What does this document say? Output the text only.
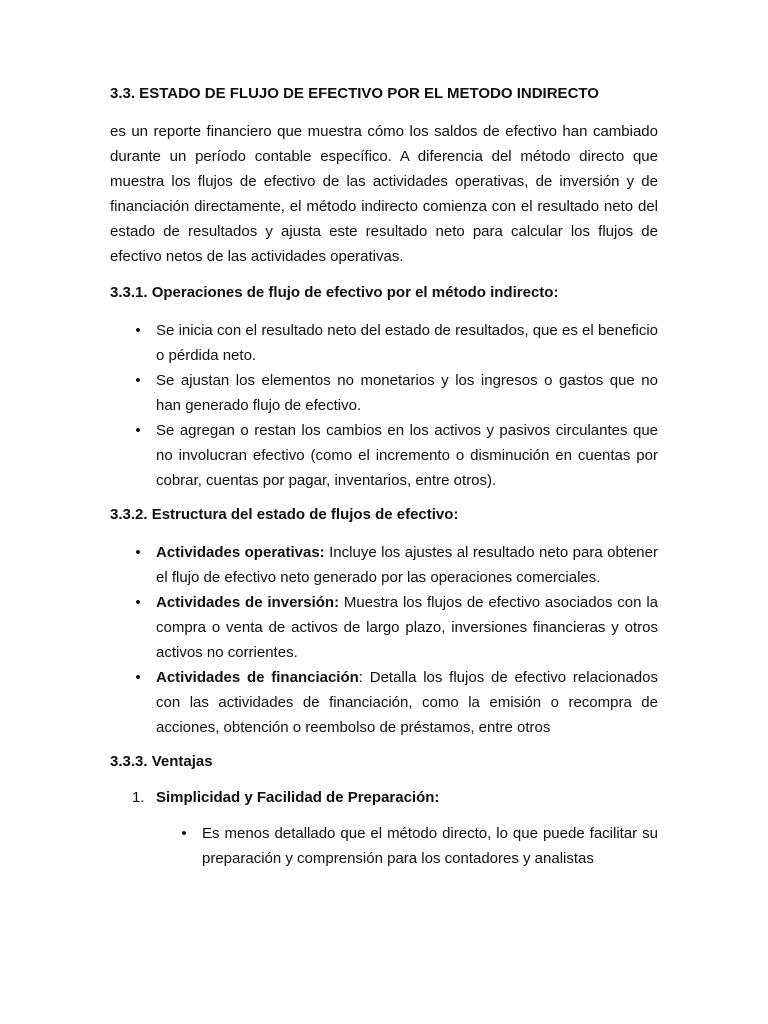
3.3. ESTADO DE FLUJO DE EFECTIVO POR EL METODO INDIRECTO

es un reporte financiero que muestra cómo los saldos de efectivo han cambiado durante un período contable específico. A diferencia del método directo que muestra los flujos de efectivo de las actividades operativas, de inversión y de financiación directamente, el método indirecto comienza con el resultado neto del estado de resultados y ajusta este resultado neto para calcular los flujos de efectivo netos de las actividades operativas.

3.3.1. Operaciones de flujo de efectivo por el método indirecto:
• Se inicia con el resultado neto del estado de resultados, que es el beneficio o pérdida neto.
• Se ajustan los elementos no monetarios y los ingresos o gastos que no han generado flujo de efectivo.
• Se agregan o restan los cambios en los activos y pasivos circulantes que no involucran efectivo (como el incremento o disminución en cuentas por cobrar, cuentas por pagar, inventarios, entre otros).
3.3.2. Estructura del estado de flujos de efectivo:
• Actividades operativas: Incluye los ajustes al resultado neto para obtener el flujo de efectivo neto generado por las operaciones comerciales.
• Actividades de inversión: Muestra los flujos de efectivo asociados con la compra o venta de activos de largo plazo, inversiones financieras y otros activos no corrientes.
• Actividades de financiación: Detalla los flujos de efectivo relacionados con las actividades de financiación, como la emisión o recompra de acciones, obtención o reembolso de préstamos, entre otros
3.3.3. Ventajas
1. Simplicidad y Facilidad de Preparación:
• Es menos detallado que el método directo, lo que puede facilitar su preparación y comprensión para los contadores y analistas
